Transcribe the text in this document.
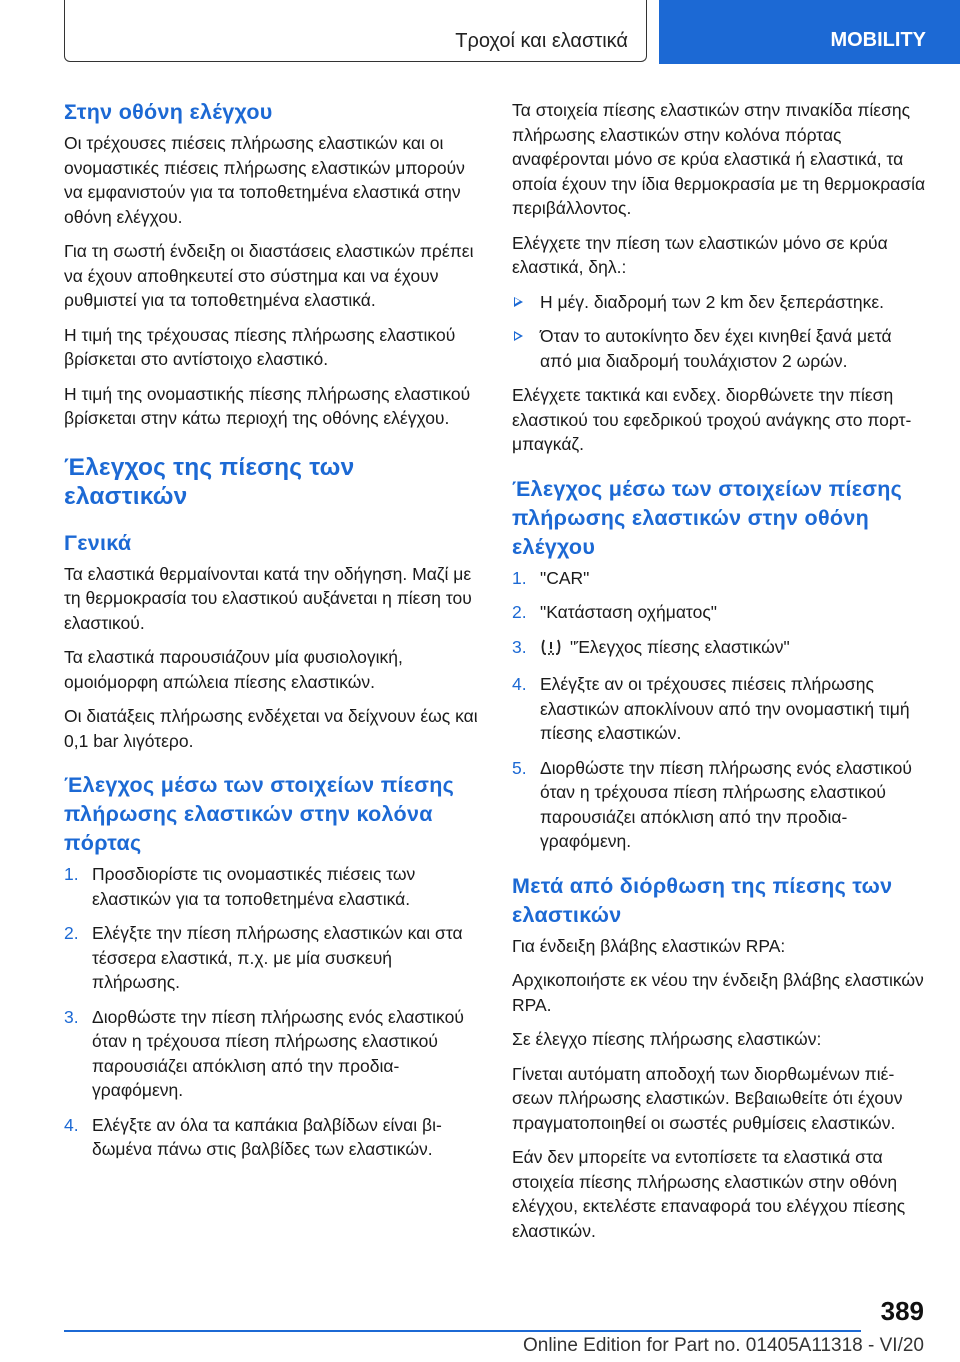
Τροχοί και ελαστικά	MOBILITY
Στην οθόνη ελέγχου

Οι τρέχουσες πιέσεις πλήρωσης ελαστικών και οι ονομαστικές πιέσεις πλήρωσης ελαστικών μπορούν να εμφανιστούν για τα τοποθετημένα ελαστικά στην οθόνη ελέγχου.

Για τη σωστή ένδειξη οι διαστάσεις ελαστικών πρέπει να έχουν αποθηκευτεί στο σύστημα και να έχουν ρυθμιστεί για τα τοποθετημένα ελαστικά.

Η τιμή της τρέχουσας πίεσης πλήρωσης ελαστικού βρίσκεται στο αντίστοιχο ελαστικό.

Η τιμή της ονομαστικής πίεσης πλήρωσης ελαστικού βρίσκεται στην κάτω περιοχή της οθόνης ελέγχου.

Έλεγχος της πίεσης των ελαστικών
Γενικά

Τα ελαστικά θερμαίνονται κατά την οδήγηση. Μαζί με τη θερμοκρασία του ελαστικού αυξάνεται η πίεση του ελαστικού.

Τα ελαστικά παρουσιάζουν μία φυσιολογική, ομοιόμορφη απώλεια πίεσης ελαστικών.

Οι διατάξεις πλήρωσης ενδέχεται να δείχνουν έως και 0,1 bar λιγότερο.

Έλεγχος μέσω των στοιχείων πίεσης πλήρωσης ελαστικών στην κολόνα πόρτας
1. Προσδιορίστε τις ονομαστικές πιέσεις των ελαστικών για τα τοποθετημένα ελαστικά.
2. Ελέγξτε την πίεση πλήρωσης ελαστικών και στα τέσσερα ελαστικά, π.χ. με μία συσκευή πλήρωσης.
3. Διορθώστε την πίεση πλήρωσης ενός ελαστικού όταν η τρέχουσα πίεση πλήρωσης ελαστικού παρουσιάζει απόκλιση από την προδιαγραφόμενη.
4. Ελέγξτε αν όλα τα καπάκια βαλβίδων είναι βιδωμένα πάνω στις βαλβίδες των ελαστικών.

Τα στοιχεία πίεσης ελαστικών στην πινακίδα πίεσης πλήρωσης ελαστικών στην κολόνα πόρτας αναφέρονται μόνο σε κρύα ελαστικά ή ελαστικά, τα οποία έχουν την ίδια θερμοκρασία με τη θερμοκρασία περιβάλλοντος.

Ελέγχετε την πίεση των ελαστικών μόνο σε κρύα ελαστικά, δηλ.:

Η μέγ. διαδρομή των 2 km δεν ξεπεράστηκε.
Όταν το αυτοκίνητο δεν έχει κινηθεί ξανά μετά από μια διαδρομή τουλάχιστον 2 ωρών.

Ελέγχετε τακτικά και ενδεχ. διορθώνετε την πίεση ελαστικού του εφεδρικού τροχού ανάγκης στο πορτ-μπαγκάζ.

Έλεγχος μέσω των στοιχείων πίεσης πλήρωσης ελαστικών στην οθόνη ελέγχου
1. "CAR"
2. "Κατάσταση οχήματος"
3. "Έλεγχος πίεσης ελαστικών"
4. Ελέγξτε αν οι τρέχουσες πιέσεις πλήρωσης ελαστικών αποκλίνουν από την ονομαστική τιμή πίεσης ελαστικών.
5. Διορθώστε την πίεση πλήρωσης ενός ελαστικού όταν η τρέχουσα πίεση πλήρωσης ελαστικού παρουσιάζει απόκλιση από την προδιαγραφόμενη.
Μετά από διόρθωση της πίεσης των ελαστικών

Για ένδειξη βλάβης ελαστικών RPA:

Αρχικοποιήστε εκ νέου την ένδειξη βλάβης ελαστικών RPA.

Σε έλεγχο πίεσης πλήρωσης ελαστικών:

Γίνεται αυτόματη αποδοχή των διορθωμένων πιέσεων πλήρωσης ελαστικών. Βεβαιωθείτε ότι έχουν πραγματοποιηθεί οι σωστές ρυθμίσεις ελαστικών.

Εάν δεν μπορείτε να εντοπίσετε τα ελαστικά στα στοιχεία πίεσης πλήρωσης ελαστικών στην οθόνη ελέγχου, εκτελέστε επαναφορά του ελέγχου πίεσης ελαστικών.

389
Online Edition for Part no. 01405A11318 - VI/20
